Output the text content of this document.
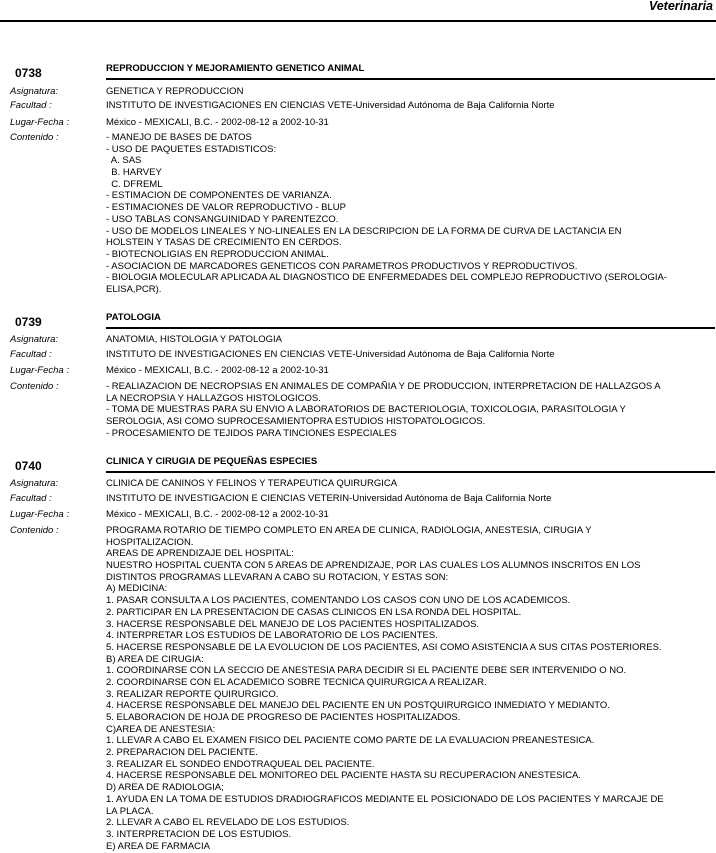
Veterinaria
0738	REPRODUCCION Y MEJORAMIENTO GENETICO ANIMAL
Asignatura:	GENETICA Y REPRODUCCION
Facultad :	INSTITUTO DE INVESTIGACIONES EN CIENCIAS VETE-Universidad Autónoma de Baja California Norte
Lugar-Fecha :	México - MEXICALI, B.C. - 2002-08-12 a 2002-10-31
Contenido :	- MANEJO DE BASES DE DATOS
- USO DE PAQUETES ESTADISTICOS:
A. SAS
B. HARVEY
C. DFREML
- ESTIMACION DE COMPONENTES DE VARIANZA.
- ESTIMACIONES DE VALOR REPRODUCTIVO - BLUP
- USO TABLAS CONSANGUINIDAD Y PARENTEZCO.
- USO DE MODELOS LINEALES Y NO-LINEALES EN LA DESCRIPCION DE LA FORMA DE CURVA DE LACTANCIA EN
HOLSTEIN Y TASAS DE CRECIMIENTO EN CERDOS.
- BIOTECNOLIGIAS EN REPRODUCCION ANIMAL.
- ASOCIACION DE MARCADORES GENETICOS CON PARAMETROS PRODUCTIVOS Y REPRODUCTIVOS.
- BIOLOGIA MOLECULAR APLICADA AL DIAGNOSTICO DE ENFERMEDADES DEL COMPLEJO REPRODUCTIVO (SEROLOGIA-
ELISA,PCR).
0739	PATOLOGIA
Asignatura:	ANATOMIA, HISTOLOGIA Y PATOLOGIA
Facultad :	INSTITUTO DE INVESTIGACIONES EN CIENCIAS VETE-Universidad Autónoma de Baja California Norte
Lugar-Fecha :	México - MEXICALI, B.C. - 2002-08-12 a 2002-10-31
Contenido :	- REALIAZACION DE NECROPSIAS EN ANIMALES DE COMPAÑIA Y DE PRODUCCION, INTERPRETACION DE HALLAZGOS A
LA NECROPSIA Y HALLAZGOS HISTOLOGICOS.
- TOMA DE MUESTRAS PARA SU ENVIO A LABORATORIOS DE BACTERIOLOGIA, TOXICOLOGIA, PARASITOLOGIA Y
SEROLOGIA, ASI COMO SUPROCESAMIENTOPRA ESTUDIOS HISTOPATOLOGICOS.
- PROCESAMIENTO DE TEJIDOS PARA TINCIONES ESPECIALES
0740	CLINICA Y CIRUGIA DE PEQUEÑAS ESPECIES
Asignatura:	CLINICA DE CANINOS Y FELINOS Y TERAPEUTICA QUIRURGICA
Facultad :	INSTITUTO DE INVESTIGACION E CIENCIAS VETERIN-Universidad Autónoma de Baja California Norte
Lugar-Fecha :	México - MEXICALI, B.C. - 2002-08-12 a 2002-10-31
Contenido :	PROGRAMA ROTARIO DE TIEMPO COMPLETO EN AREA DE CLINICA, RADIOLOGIA, ANESTESIA, CIRUGIA Y
HOSPITALIZACION.
AREAS DE APRENDIZAJE DEL HOSPITAL:
NUESTRO HOSPITAL CUENTA CON 5 AREAS DE APRENDIZAJE, POR LAS CUALES LOS ALUMNOS INSCRITOS EN LOS
DISTINTOS PROGRAMAS LLEVARAN A CABO SU ROTACION, Y ESTAS SON:
A) MEDICINA:
1. PASAR CONSULTA A LOS PACIENTES, COMENTANDO LOS CASOS CON UNO DE LOS ACADEMICOS.
2. PARTICIPAR EN LA PRESENTACION DE CASAS CLINICOS EN LSA RONDA DEL HOSPITAL.
3. HACERSE RESPONSABLE DEL MANEJO DE LOS PACIENTES HOSPITALIZADOS.
4. INTERPRETAR LOS ESTUDIOS DE LABORATORIO DE LOS PACIENTES.
5. HACERSE RESPONSABLE DE LA EVOLUCION DE LOS PACIENTES, ASI COMO ASISTENCIA A SUS CITAS POSTERIORES.
B) AREA DE CIRUGIA:
1. COORDINARSE CON LA SECCIO DE ANESTESIA PARA DECIDIR SI EL PACIENTE DEBE SER INTERVENIDO O NO.
2. COORDINARSE CON EL ACADEMICO SOBRE TECNICA QUIRURGICA A REALIZAR.
3. REALIZAR REPORTE QUIRURGICO.
4. HACERSE RESPONSABLE DEL MANEJO DEL PACIENTE EN UN POSTQUIRURGICO INMEDIATO Y MEDIANTO.
5. ELABORACION DE HOJA DE PROGRESO DE PACIENTES HOSPITALIZADOS.
C)AREA DE ANESTESIA:
1. LLEVAR A CABO EL EXAMEN FISICO DEL PACIENTE COMO PARTE DE LA EVALUACION PREANESTESICA.
2. PREPARACION DEL PACIENTE.
3. REALIZAR EL SONDEO ENDOTRAQUEAL DEL PACIENTE.
4. HACERSE RESPONSABLE DEL MONITOREO DEL PACIENTE HASTA SU RECUPERACION ANESTESICA.
D) AREA DE RADIOLOGIA;
1. AYUDA EN LA TOMA DE ESTUDIOS DRADIOGRAFICOS MEDIANTE EL POSICIONADO DE LOS PACIENTES Y MARCAJE DE
LA PLACA.
2. LLEVAR A CABO EL REVELADO DE LOS ESTUDIOS.
3. INTERPRETACION DE LOS ESTUDIOS.
E) AREA DE FARMACIA
